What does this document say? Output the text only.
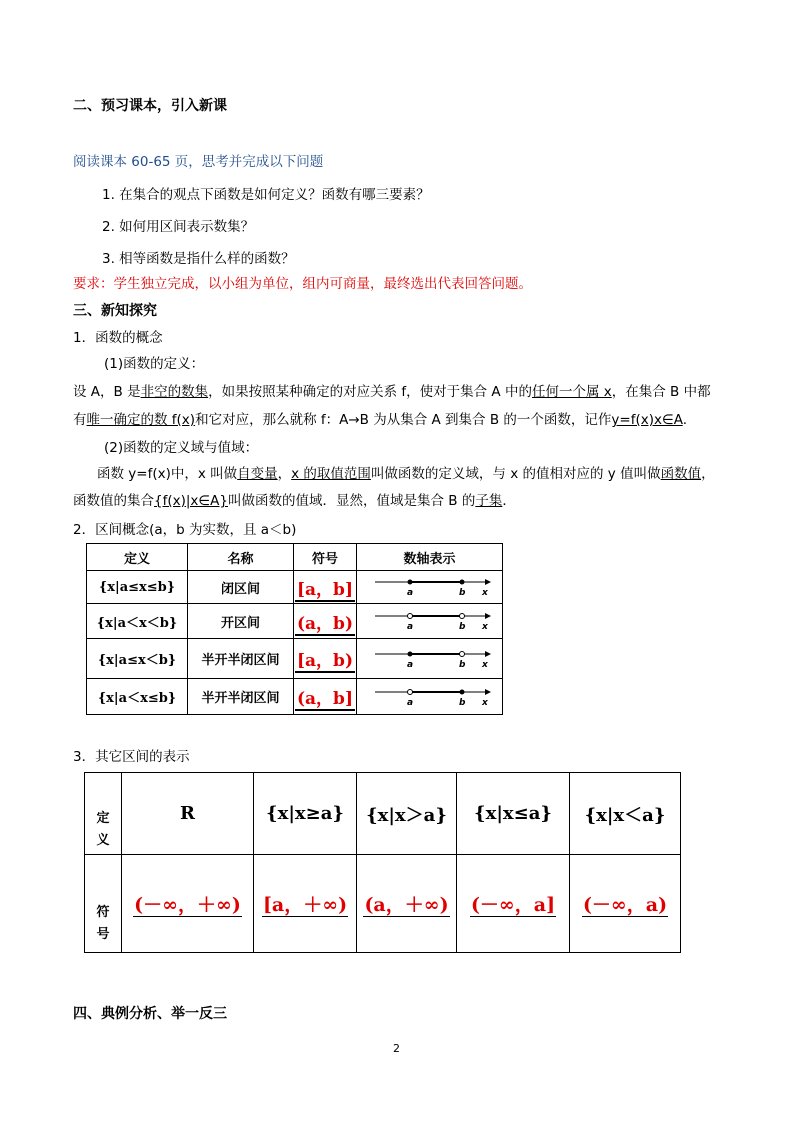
二、预习课本，引入新课
阅读课本 60-65 页，思考并完成以下问题
1. 在集合的观点下函数是如何定义？函数有哪三要素？
2. 如何用区间表示数集？
3. 相等函数是指什么样的函数？
要求：学生独立完成，以小组为单位，组内可商量，最终选出代表回答问题。
三、新知探究
1．函数的概念
(1)函数的定义：
设 A，B 是非空的数集，如果按照某种确定的对应关系 f，使对于集合 A 中的任何一个属 x，在集合 B 中都
有唯一确定的数 f(x)和它对应，那么就称 f：A→B 为从集合 A 到集合 B 的一个函数，记作y=f(x)x∈A.
(2)函数的定义域与值域：
函数 y=f(x)中，x 叫做自变量，x 的取值范围叫做函数的定义域，与 x 的值相对应的 y 值叫做函数值，
函数值的集合{f(x)|x∈A}叫做函数的值域．显然，值域是集合 B 的子集．
2．区间概念(a，b 为实数，且 a＜b)
定义	名称	符号	数轴表示
{x|a≤x≤b}	闭区间	[a，b]	a b x

{x|a＜x＜b}	开区间	(a，b)	a b x

{x|a≤x＜b}	半开半闭区间	[a，b)	a b x

{x|a＜x≤b}	半开半闭区间	(a，b]	a b x
3．其它区间的表示
定义	R	{x|x≥a}	{x|x＞a}	{x|x≤a}	{x|x＜a}

符号	(－∞，＋∞)	[a，＋∞)	(a，＋∞)	(－∞，a]	(－∞，a)
四、典例分析、举一反三
2
